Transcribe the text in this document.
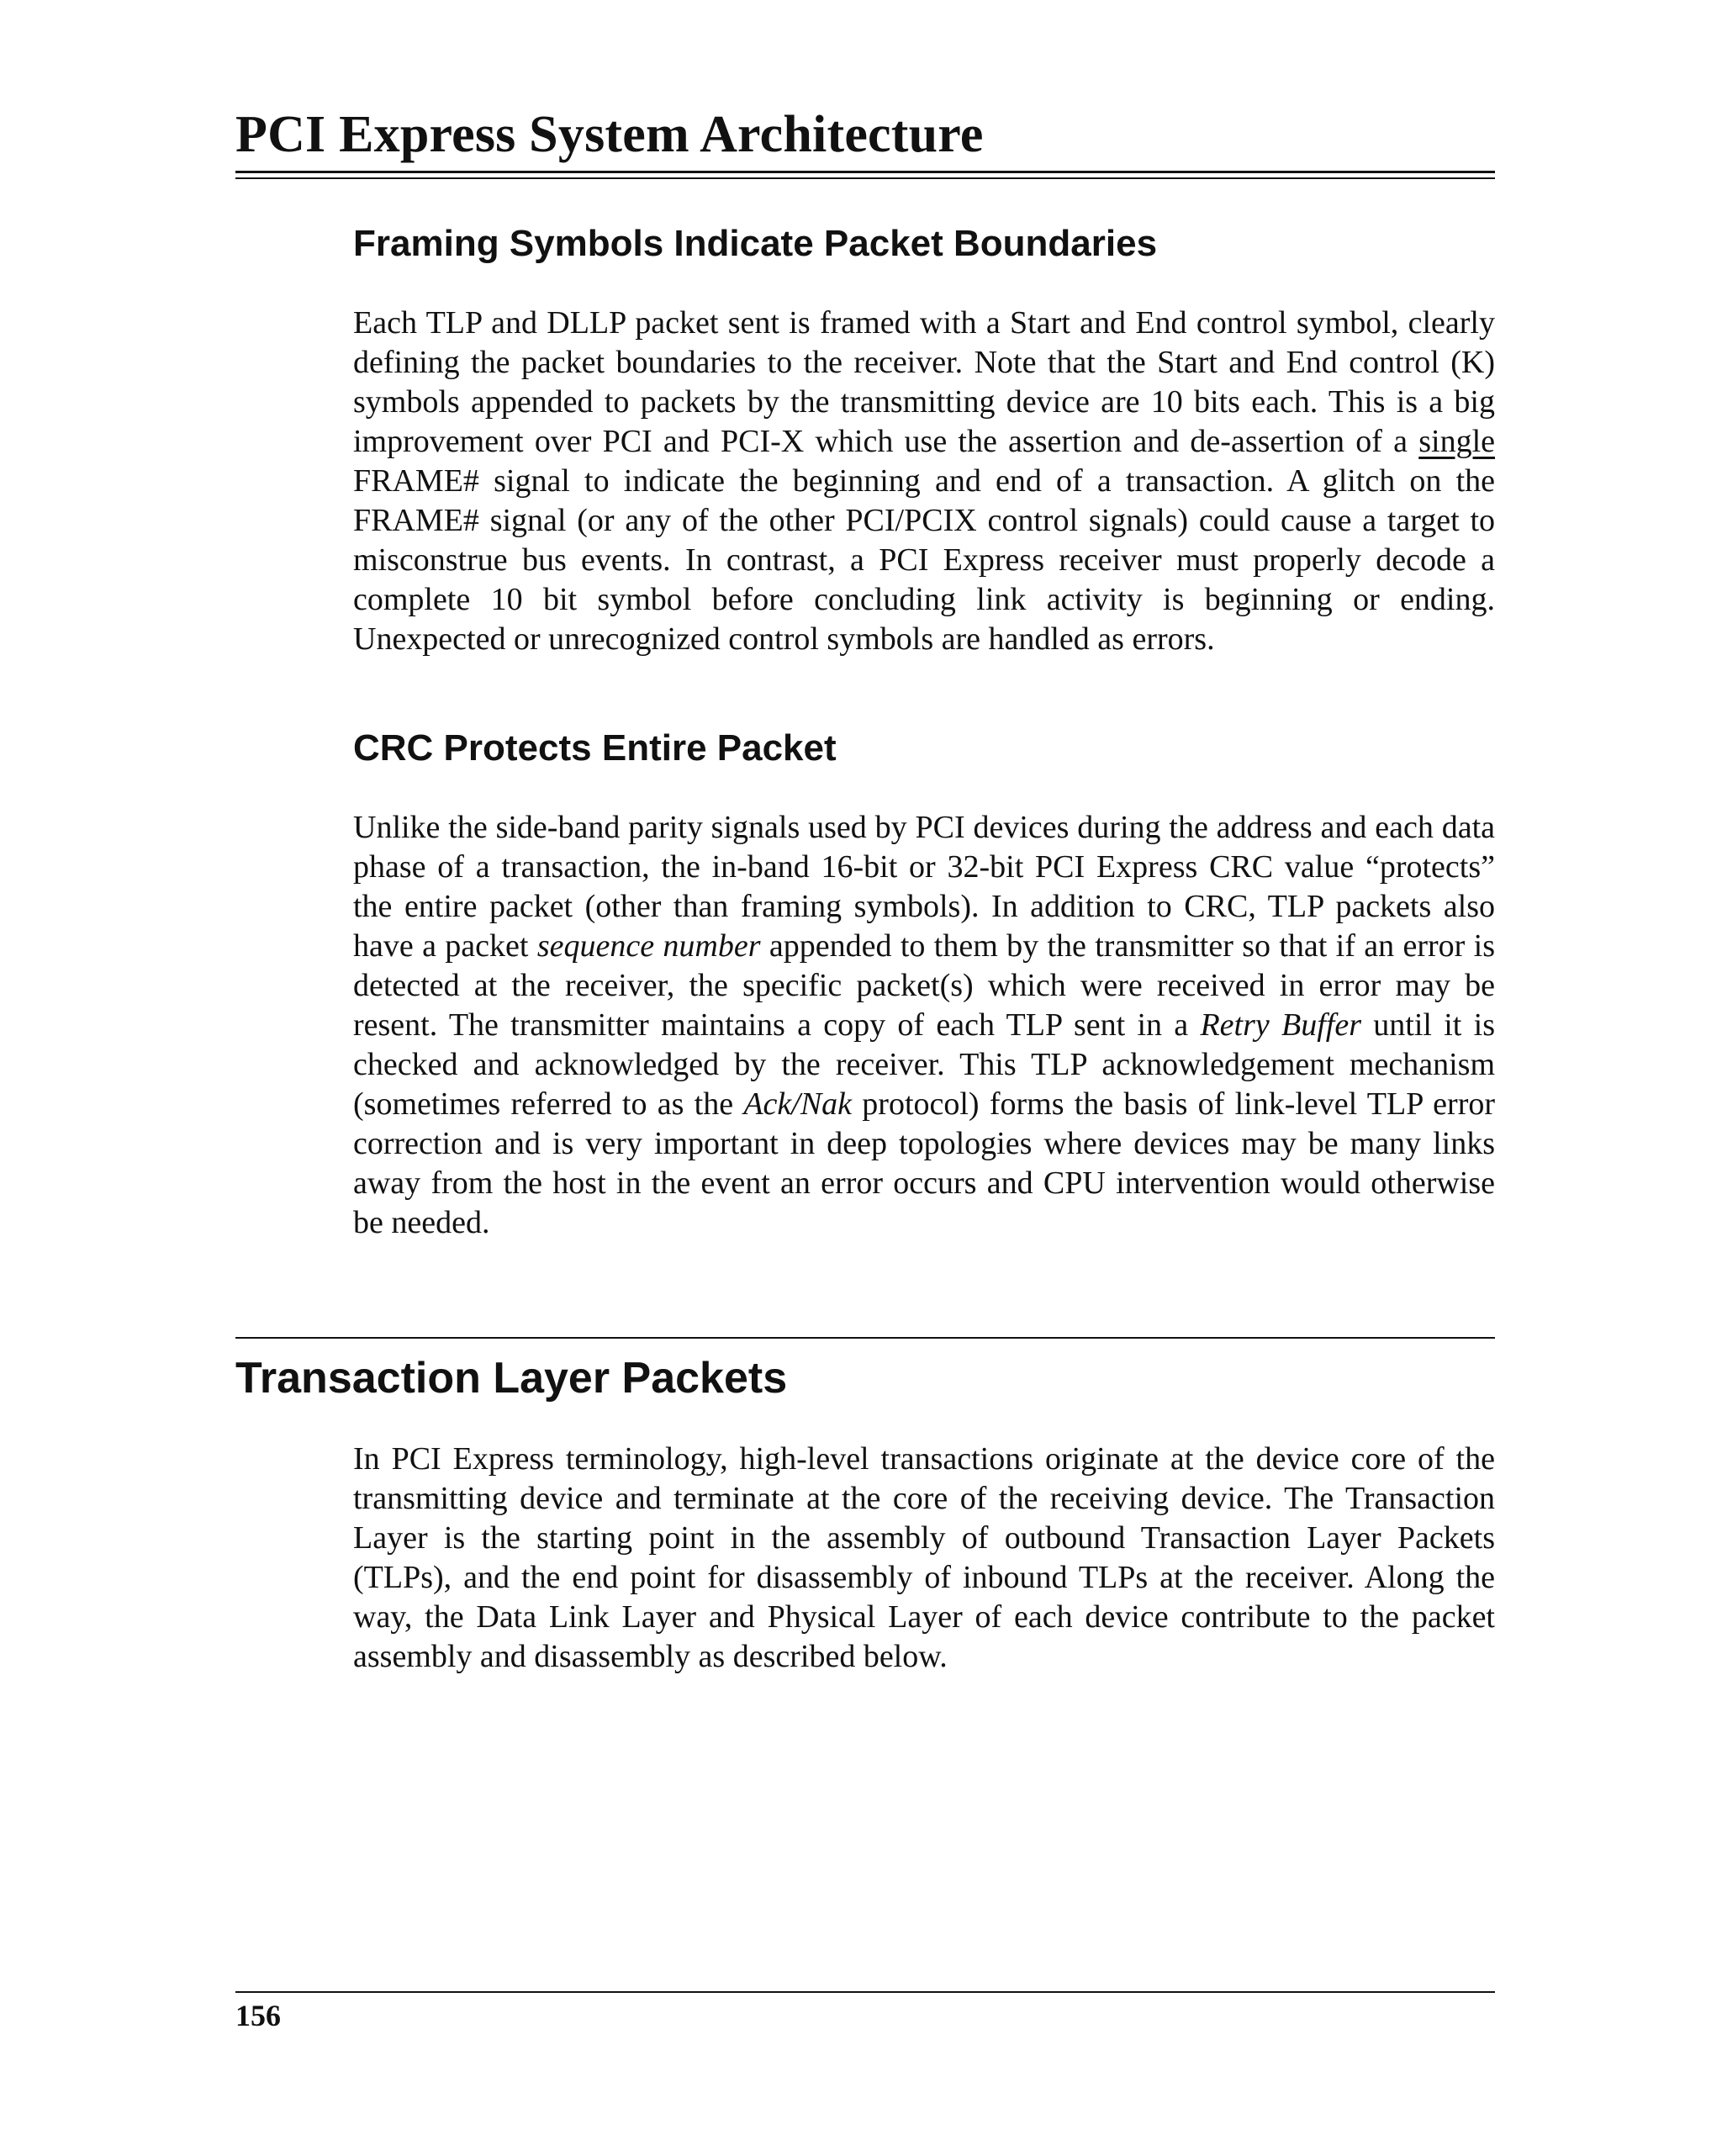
PCI Express System Architecture
Framing Symbols Indicate Packet Boundaries

Each TLP and DLLP packet sent is framed with a Start and End control symbol, clearly defining the packet boundaries to the receiver. Note that the Start and End control (K) symbols appended to packets by the transmitting device are 10 bits each. This is a big improvement over PCI and PCI-X which use the assertion and de-assertion of a single FRAME# signal to indicate the beginning and end of a transaction. A glitch on the FRAME# signal (or any of the other PCI/PCIX control signals) could cause a target to misconstrue bus events. In contrast, a PCI Express receiver must properly decode a complete 10 bit symbol before concluding link activity is beginning or ending. Unexpected or unrecognized control symbols are handled as errors.

CRC Protects Entire Packet

Unlike the side-band parity signals used by PCI devices during the address and each data phase of a transaction, the in-band 16-bit or 32-bit PCI Express CRC value “protects” the entire packet (other than framing symbols). In addition to CRC, TLP packets also have a packet sequence number appended to them by the transmitter so that if an error is detected at the receiver, the specific packet(s) which were received in error may be resent. The transmitter maintains a copy of each TLP sent in a Retry Buffer until it is checked and acknowledged by the receiver. This TLP acknowledgement mechanism (sometimes referred to as the Ack/Nak protocol) forms the basis of link-level TLP error correction and is very important in deep topologies where devices may be many links away from the host in the event an error occurs and CPU intervention would otherwise be needed.

Transaction Layer Packets

In PCI Express terminology, high-level transactions originate at the device core of the transmitting device and terminate at the core of the receiving device. The Transaction Layer is the starting point in the assembly of outbound Transaction Layer Packets (TLPs), and the end point for disassembly of inbound TLPs at the receiver. Along the way, the Data Link Layer and Physical Layer of each device contribute to the packet assembly and disassembly as described below.

156
